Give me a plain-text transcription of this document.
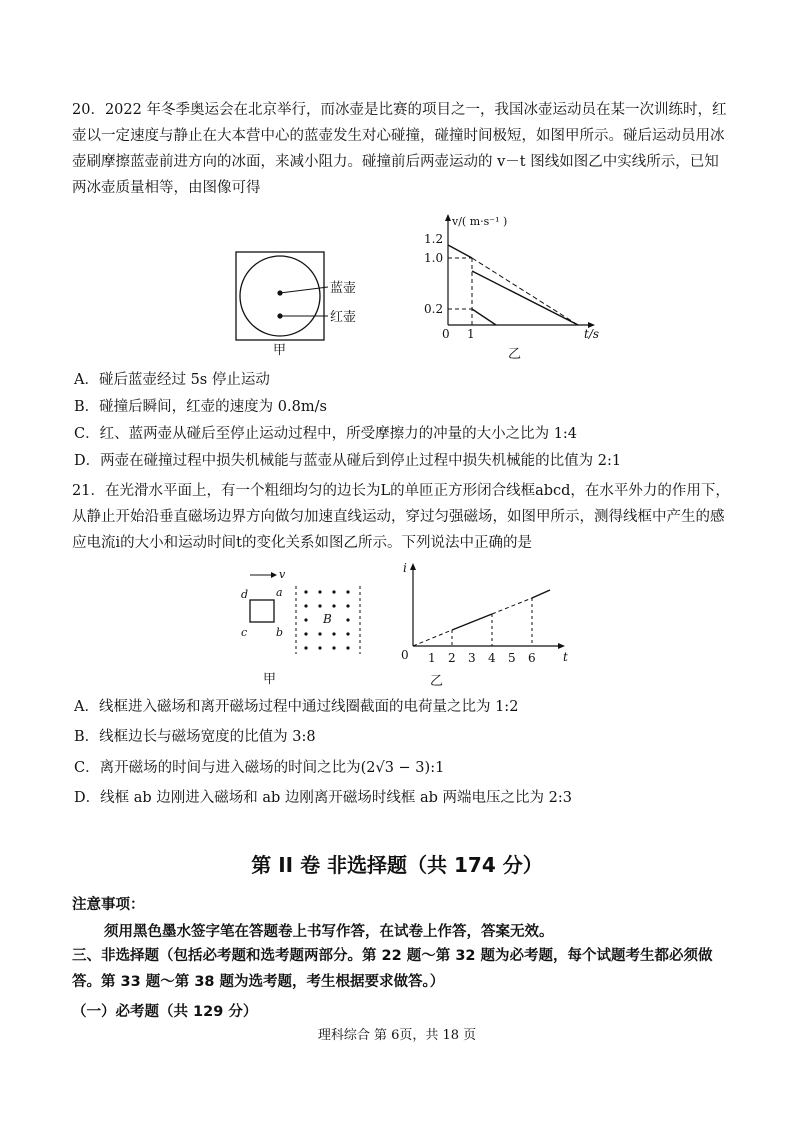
20．2022 年冬季奥运会在北京举行，而冰壶是比赛的项目之一，我国冰壶运动员在某一次训练时，红壶以一定速度与静止在大本营中心的蓝壶发生对心碰撞，碰撞时间极短，如图甲所示。碰后运动员用冰壶刷摩擦蓝壶前进方向的冰面，来减小阻力。碰撞前后两壶运动的 v－t 图线如图乙中实线所示，已知两冰壶质量相等，由图像可得
蓝壶
红壶
甲
v/( m·s⁻¹ )
t/s
1.2
1.0
0.2
0 1
乙
A．碰后蓝壶经过 5s 停止运动
B．碰撞后瞬间，红壶的速度为 0.8m/s
C．红、蓝两壶从碰后至停止运动过程中，所受摩擦力的冲量的大小之比为 1:4
D．两壶在碰撞过程中损失机械能与蓝壶从碰后到停止过程中损失机械能的比值为 2:1
21．在光滑水平面上，有一个粗细均匀的边长为L的单匝正方形闭合线框abcd，在水平外力的作用下，从静止开始沿垂直磁场边界方向做匀加速直线运动，穿过匀强磁场，如图甲所示，测得线框中产生的感应电流i的大小和运动时间t的变化关系如图乙所示。下列说法中正确的是
v
d	a
c	b
B
甲
i
t
0 1 2 3 4 5 6
乙
A．线框进入磁场和离开磁场过程中通过线圈截面的电荷量之比为 1:2
B．线框边长与磁场宽度的比值为 3:8
C．离开磁场的时间与进入磁场的时间之比为(2√3 − 3):1
D．线框 ab 边刚进入磁场和 ab 边刚离开磁场时线框 ab 两端电压之比为 2:3
第 II 卷 非选择题（共 174 分）
注意事项：
须用黑色墨水签字笔在答题卷上书写作答，在试卷上作答，答案无效。
三、非选择题（包括必考题和选考题两部分。第 22 题～第 32 题为必考题，每个试题考生都必须做答。第 33 题～第 38 题为选考题，考生根据要求做答。）
（一）必考题（共 129 分）
理科综合 第 6页，共 18 页
